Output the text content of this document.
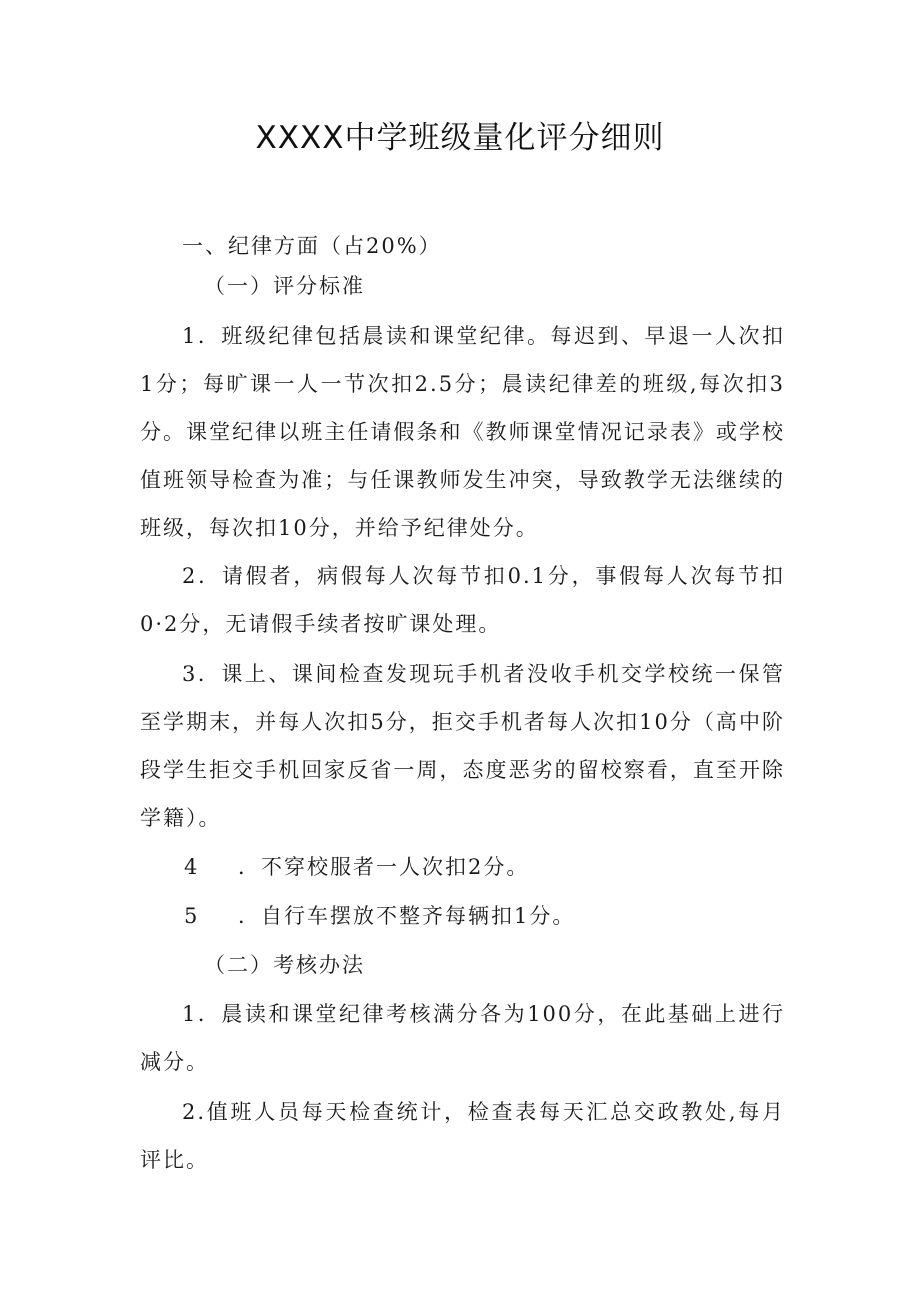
XXXX中学班级量化评分细则

一、纪律方面（占20%）

（一）评分标准

1．班级纪律包括晨读和课堂纪律。每迟到、早退一人次扣1分；每旷课一人一节次扣2.5分；晨读纪律差的班级,每次扣3分。课堂纪律以班主任请假条和《教师课堂情况记录表》或学校值班领导检查为准；与任课教师发生冲突，导致教学无法继续的班级，每次扣10分，并给予纪律处分。

2．请假者，病假每人次每节扣0.1分，事假每人次每节扣0·2分，无请假手续者按旷课处理。

3．课上、课间检查发现玩手机者没收手机交学校统一保管至学期末，并每人次扣5分，拒交手机者每人次扣10分（高中阶段学生拒交手机回家反省一周，态度恶劣的留校察看，直至开除学籍）。

4 ．不穿校服者一人次扣2分。

5 ．自行车摆放不整齐每辆扣1分。

（二）考核办法

1．晨读和课堂纪律考核满分各为100分，在此基础上进行减分。

2.值班人员每天检查统计，检查表每天汇总交政教处,每月评比。
